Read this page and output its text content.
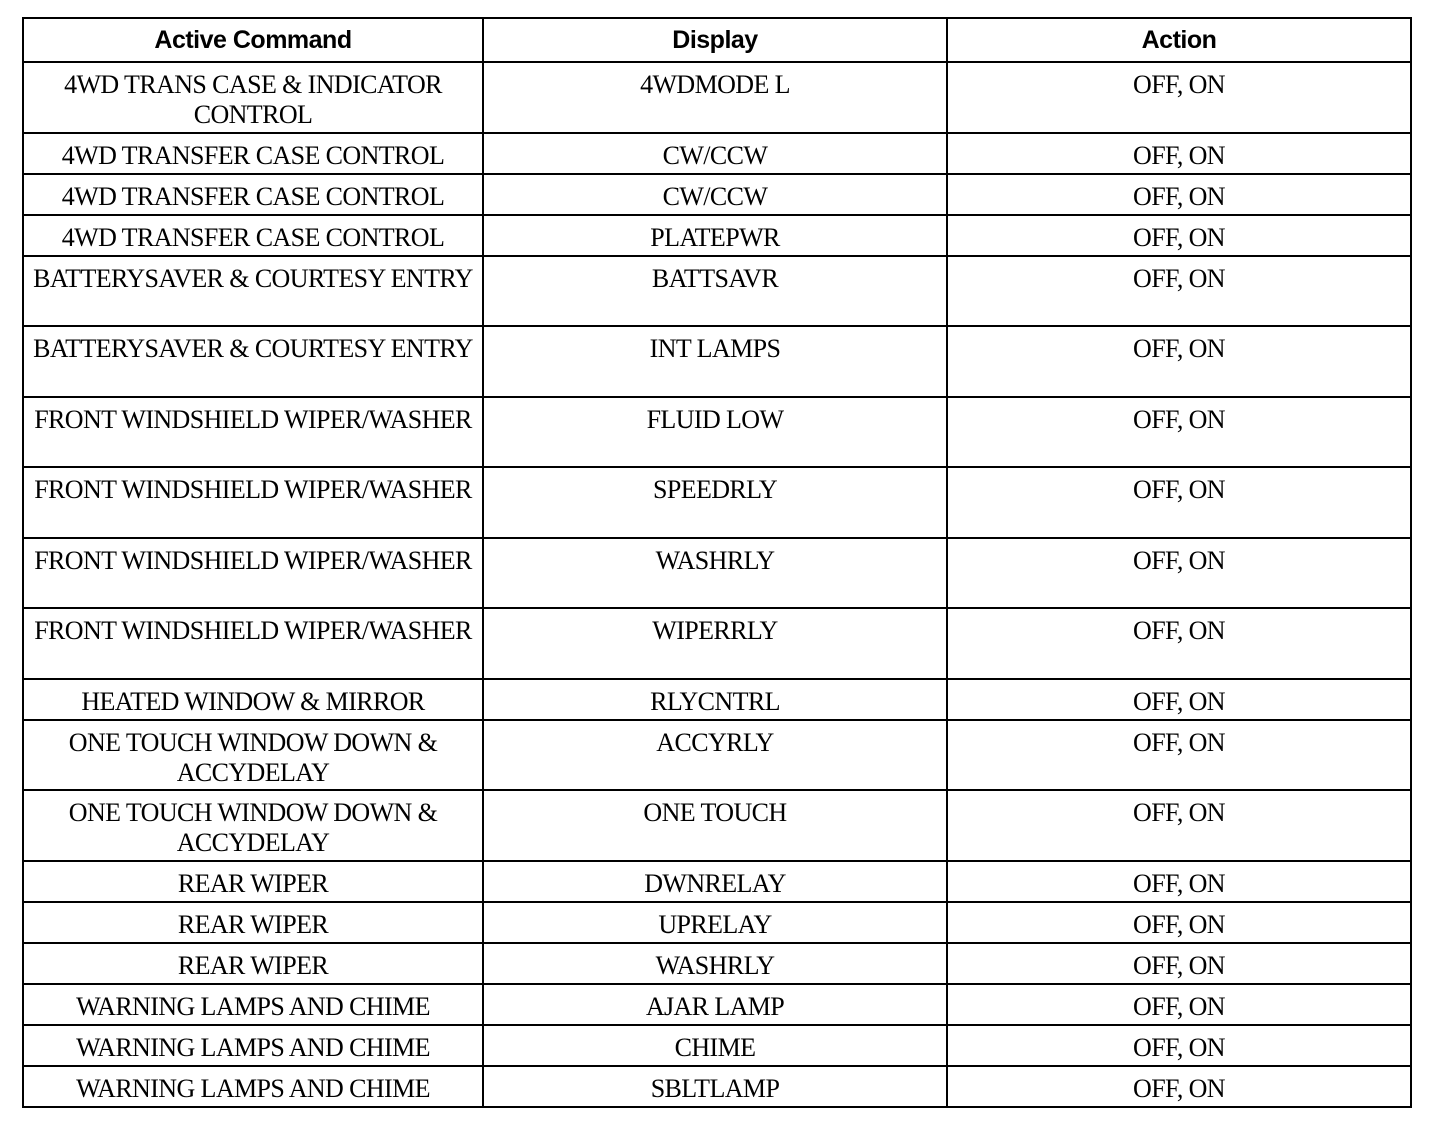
Active Command	Display	Action
4WD TRANS CASE & INDICATOR CONTROL	4WDMODE L	OFF, ON
4WD TRANSFER CASE CONTROL	CW/CCW	OFF, ON
4WD TRANSFER CASE CONTROL	CW/CCW	OFF, ON
4WD TRANSFER CASE CONTROL	PLATEPWR	OFF, ON
BATTERYSAVER & COURTESY ENTRY	BATTSAVR	OFF, ON
BATTERYSAVER & COURTESY ENTRY	INT LAMPS	OFF, ON
FRONT WINDSHIELD WIPER/WASHER	FLUID LOW	OFF, ON
FRONT WINDSHIELD WIPER/WASHER	SPEEDRLY	OFF, ON
FRONT WINDSHIELD WIPER/WASHER	WASHRLY	OFF, ON
FRONT WINDSHIELD WIPER/WASHER	WIPERRLY	OFF, ON
HEATED WINDOW & MIRROR	RLYCNTRL	OFF, ON
ONE TOUCH WINDOW DOWN & ACCYDELAY	ACCYRLY	OFF, ON
ONE TOUCH WINDOW DOWN & ACCYDELAY	ONE TOUCH	OFF, ON
REAR WIPER	DWNRELAY	OFF, ON
REAR WIPER	UPRELAY	OFF, ON
REAR WIPER	WASHRLY	OFF, ON
WARNING LAMPS AND CHIME	AJAR LAMP	OFF, ON
WARNING LAMPS AND CHIME	CHIME	OFF, ON
WARNING LAMPS AND CHIME	SBLTLAMP	OFF, ON
